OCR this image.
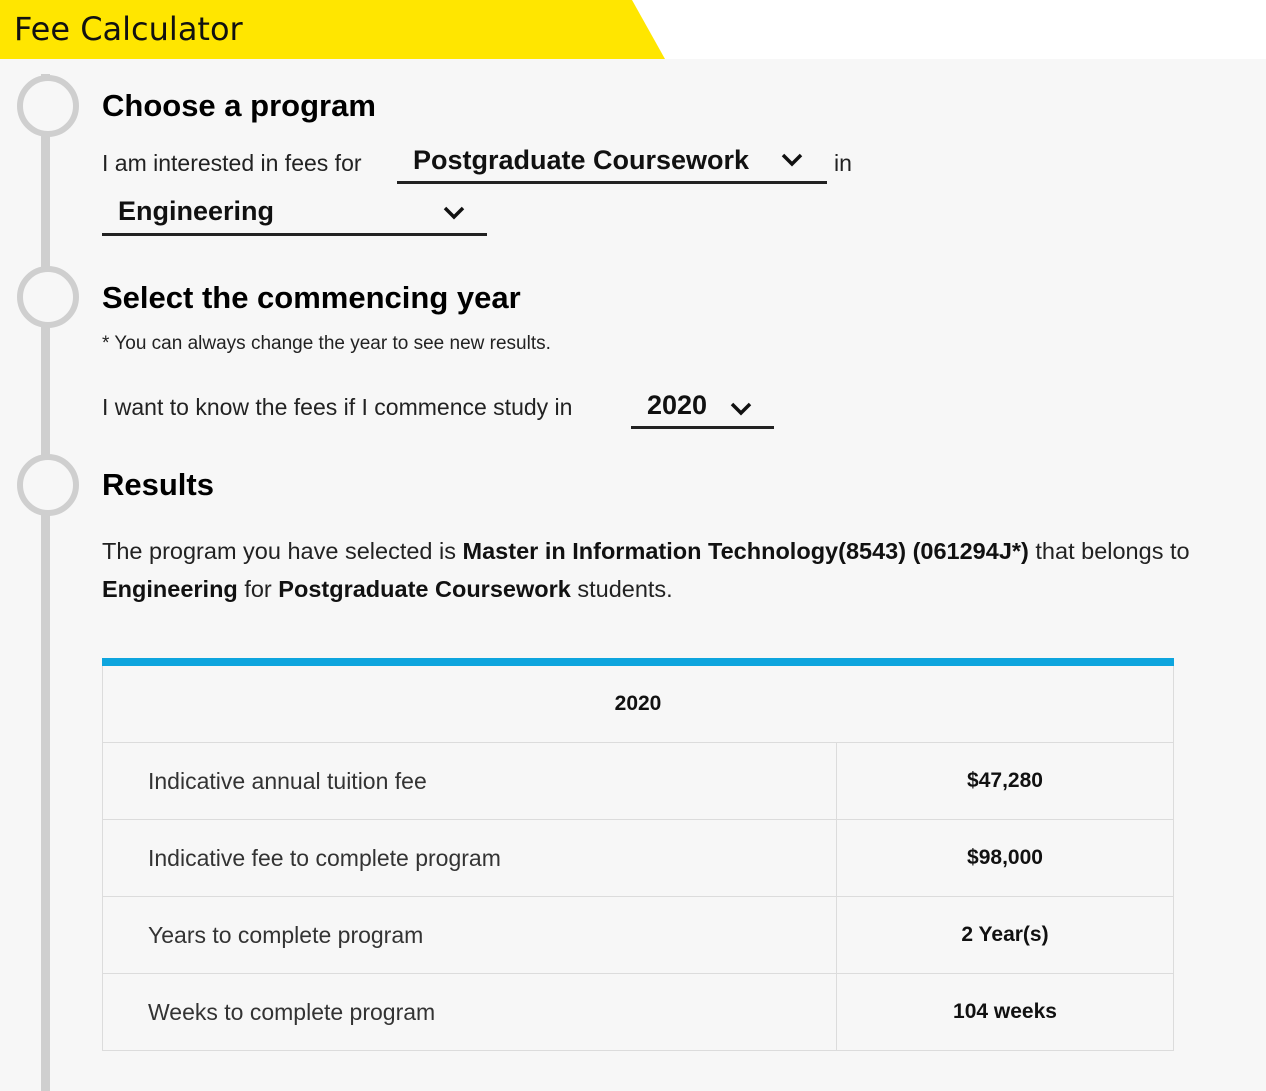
Fee Calculator
Choose a program
I am interested in fees for Postgraduate Coursework	in
Engineering
Select the commencing year
* You can always change the year to see new results.
I want to know the fees if I commence study in	2020
Results
The program you have selected is Master in Information Technology(8543) (061294J*) that belongs to Engineering for Postgraduate Coursework students.
2020
Indicative annual tuition fee	$47,280
Indicative fee to complete program	$98,000
Years to complete program	2 Year(s)
Weeks to complete program	104 weeks
